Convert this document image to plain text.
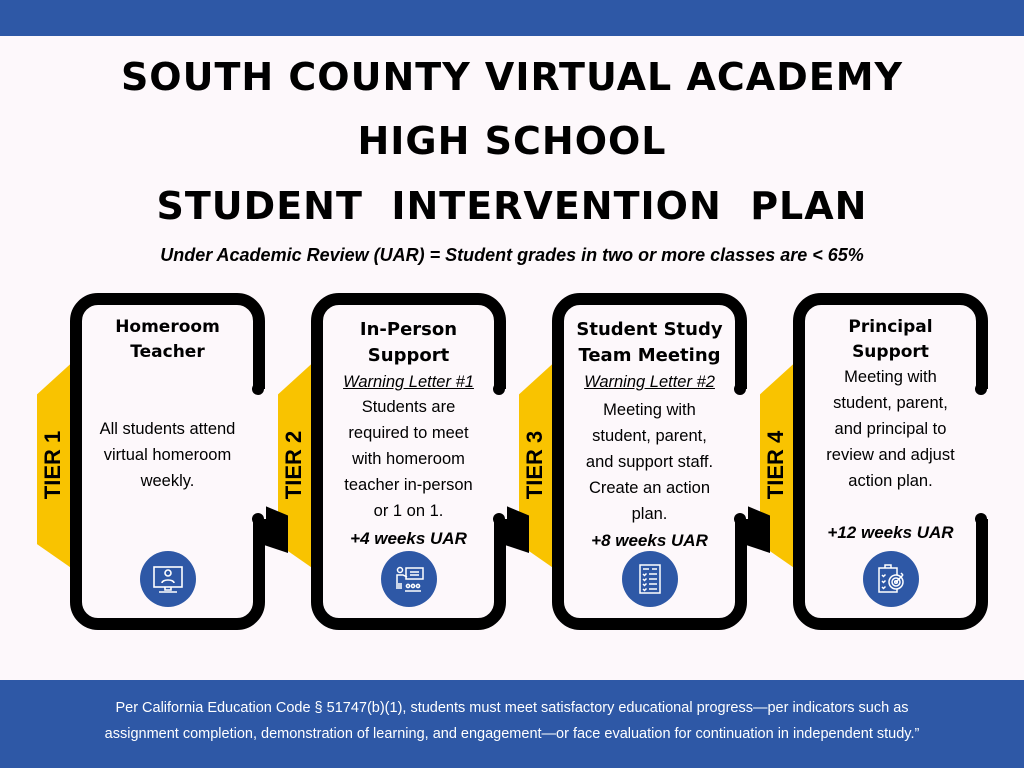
SOUTH COUNTY VIRTUAL ACADEMY
HIGH SCHOOL
STUDENT  INTERVENTION  PLAN
Under Academic Review (UAR) = Student grades in two or more classes are < 65%
TIER 1	TIER 2	TIER 3	TIER 4
Homeroom
Teacher
All students attend
virtual homeroom
weekly.
In-Person
Support
Warning Letter #1
Students are
required to meet
with homeroom
teacher in-person
or 1 on 1.
+4 weeks UAR
Student Study
Team Meeting
Warning Letter #2
Meeting with
student, parent,
and support staff.
Create an action
plan.
+8 weeks UAR
Principal
Support
Meeting with
student, parent,
and principal to
review and adjust
action plan.
+12 weeks UAR
Per California Education Code § 51747(b)(1), students must meet satisfactory educational progress—per indicators such as
assignment completion, demonstration of learning, and engagement—or face evaluation for continuation in independent study.”
